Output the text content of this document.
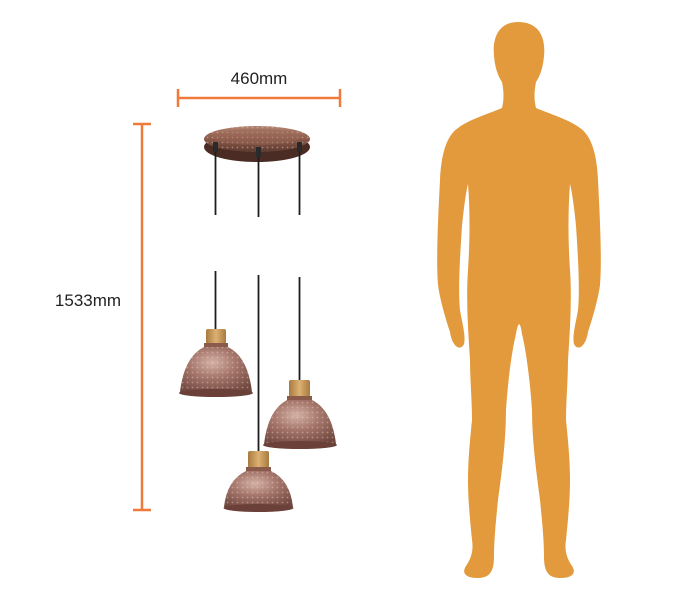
460mm
1533mm
